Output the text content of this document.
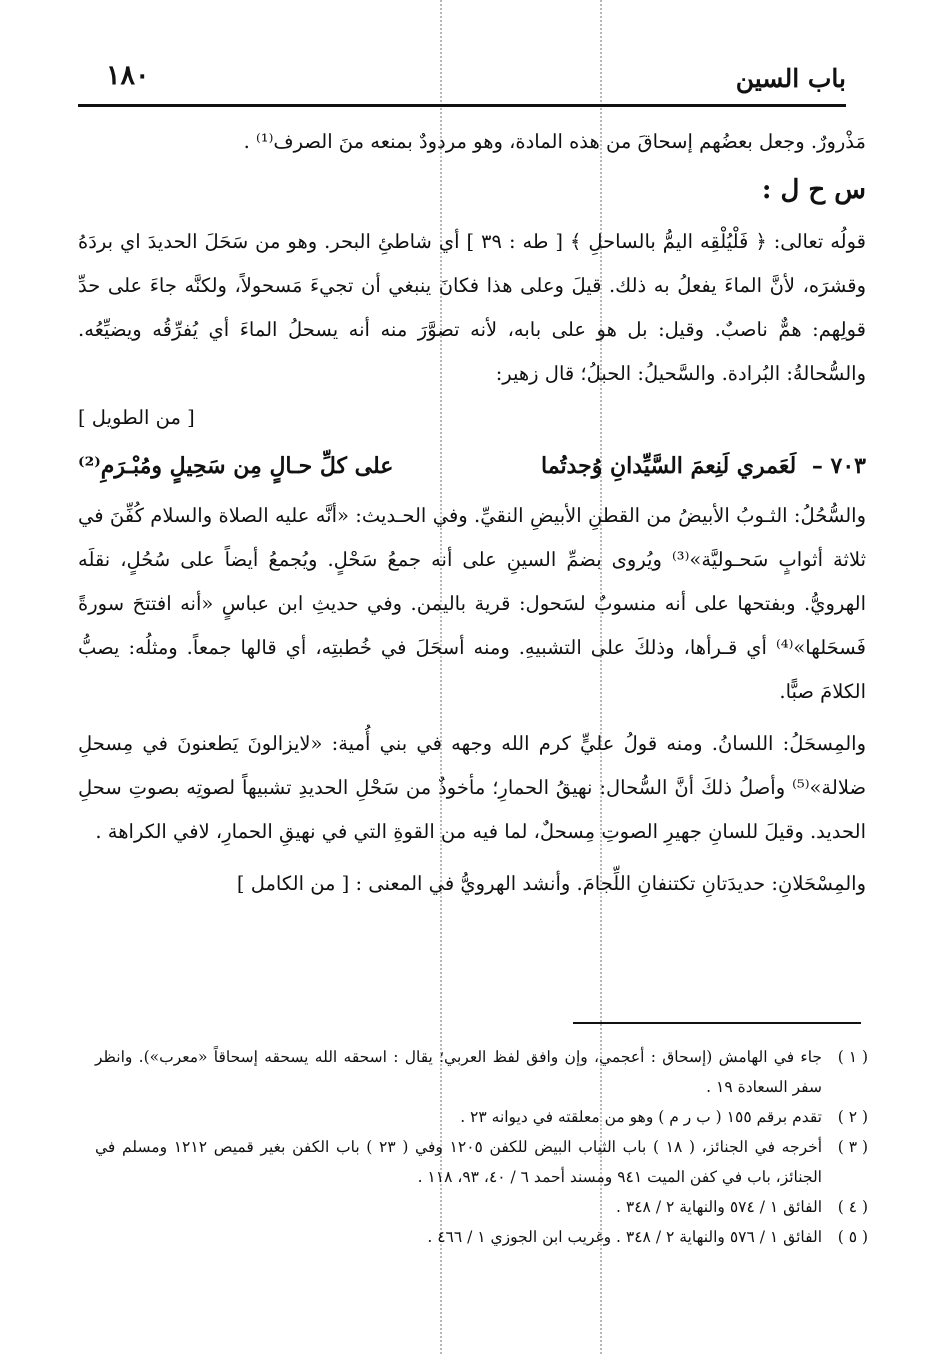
باب السين
١٨٠

مَذْرورٌ. وجعل بعضُهم إسحاقَ من هذه المادة، وهو مردودٌ بمنعه منَ الصرف⁽¹⁾ .

س ح ل :

قولُه تعالى: ﴿ فَلْيُلْقِه اليمُّ بالساحلِ ﴾ [ طه : ٣٩ ] أي شاطئِ البحر. وهو من سَحَلَ الحديدَ اي بردَهُ وقشرَه، لأنَّ الماءَ يفعلُ به ذلك. قيلَ وعلى هذا فكانَ ينبغي أن تجيءَ مَسحولاً، ولكنَّه جاءَ على حدِّ قولِهم: همٌّ ناصبٌ. وقيل: بل هو على بابه، لأنه تصوَّرَ منه أنه يسحلُ الماءَ أي يُفرِّقُه ويضيِّعُه. والسُّحالةُ: البُرادة. والسَّحيلُ: الحبلُ؛ قال زهير:

[ من الطويل ]

٧٠٣ – لَعَمري لَنِعمَ السَّيِّدانِ وُجدتُما
على كلِّ حـالٍ مِن سَحِيلٍ ومُبْـرَمِ⁽²⁾

والسُّحُلُ: الثـوبُ الأبيضُ من القطنِ الأبيضِ النقيِّ. وفي الحـديث: «أنَّه عليه الصلاة والسلام كُفِّنَ في ثلاثة أثوابٍ سَحـوليَّة»⁽³⁾ ويُروى بضمِّ السينِ على أنه جمعُ سَحْلٍ. ويُجمعُ أيضاً على سُحُلٍ، نقلَه الهرويُّ. وبفتحها على أنه منسوبٌ لسَحول: قرية باليمن. وفي حديثِ ابن عباسٍ «أنه افتتحَ سورةً فَسحَلها»⁽⁴⁾ أي قـرأها، وذلكَ على التشبيهِ. ومنه أسحَلَ في خُطبتِه، أي قالها جمعاً. ومثلُه: يصبُّ الكلامَ صبًّا.

والمِسحَلُ: اللسانُ. ومنه قولُ عليٍّ كرم الله وجهه في بني أُمية: «لايزالونَ يَطعنونَ في مِسحلِ ضلالة»⁽⁵⁾ وأصلُ ذلكَ أنَّ السُّحال: نهيقُ الحمارِ؛ مأخوذٌ من سَحْلِ الحديدِ تشبيهاً لصوتِه بصوتِ سحلِ الحديد. وقيلَ للسانِ جهيرِ الصوتِ مِسحلٌ، لما فيه من القوةِ التي في نهيقِ الحمارِ، لافي الكراهة .

والمِسْحَلانِ: حديدَتانِ تكتنفانِ اللِّجامَ. وأنشد الهرويُّ في المعنى : [ من الكامل ]

( ١ )
جاء في الهامش (إسحاق : أعجمي، وإن وافق لفظ العربي؛ يقال : اسحقه الله يسحقه إسحاقاً «معرب»). وانظر سفر السعادة ١٩ .
( ٢ )
تقدم برقم ١٥٥ ( ب ر م ) وهو من معلقته في ديوانه ٢٣ .
( ٣ )
أخرجه في الجنائز، ( ١٨ ) باب الثياب البيض للكفن ١٢٠٥ وفي ( ٢٣ ) باب الكفن بغير قميص ١٢١٢ ومسلم في الجنائز، باب في كفن الميت ٩٤١ ومسند أحمد ٦ / ٤٠، ٩٣، ١١٨ .
( ٤ )
الفائق ١ / ٥٧٤ والنهاية ٢ / ٣٤٨ .
( ٥ )
الفائق ١ / ٥٧٦ والنهاية ٢ / ٣٤٨ . وغريب ابن الجوزي ١ / ٤٦٦ .
